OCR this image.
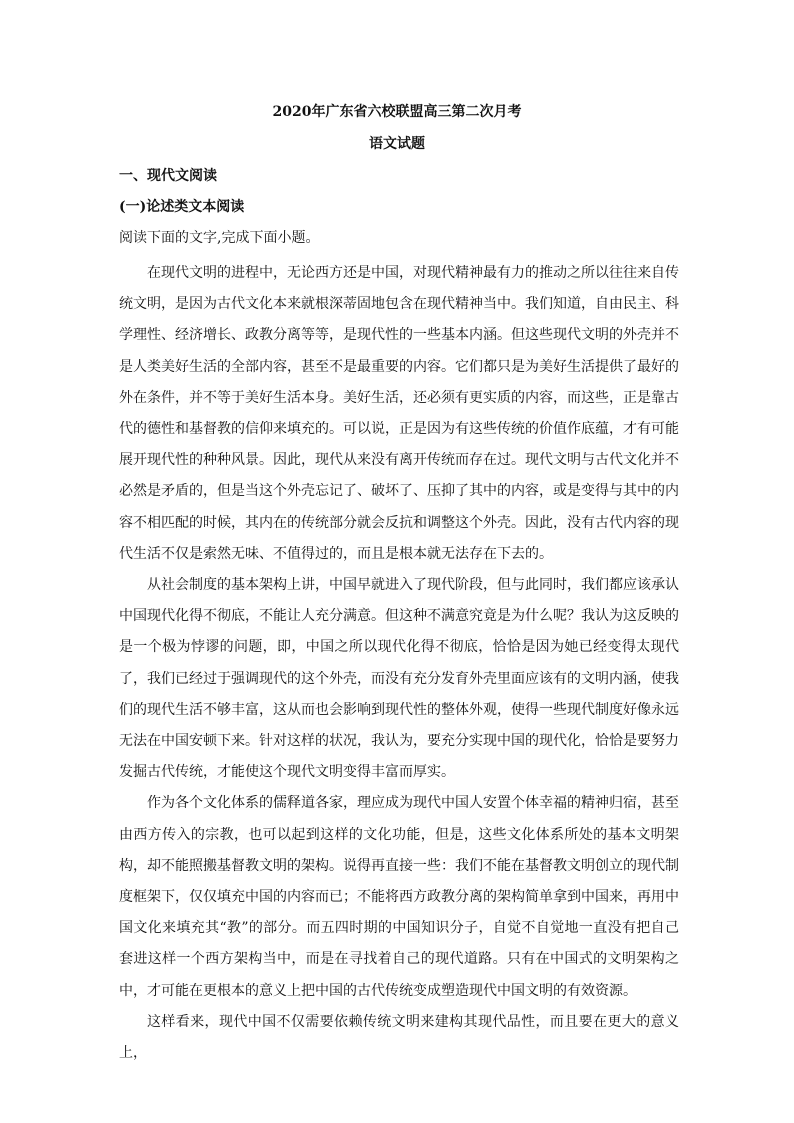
2020年广东省六校联盟高三第二次月考
语文试题
一、现代文阅读
(一)论述类文本阅读
阅读下面的文字,完成下面小题。

在现代文明的进程中，无论西方还是中国，对现代精神最有力的推动之所以往往来自传统文明，是因为古代文化本来就根深蒂固地包含在现代精神当中。我们知道，自由民主、科学理性、经济增长、政教分离等等，是现代性的一些基本内涵。但这些现代文明的外壳并不是人类美好生活的全部内容，甚至不是最重要的内容。它们都只是为美好生活提供了最好的外在条件，并不等于美好生活本身。美好生活，还必须有更实质的内容，而这些，正是靠古代的德性和基督教的信仰来填充的。可以说，正是因为有这些传统的价值作底蕴，才有可能展开现代性的种种风景。因此，现代从来没有离开传统而存在过。现代文明与古代文化并不必然是矛盾的，但是当这个外壳忘记了、破坏了、压抑了其中的内容，或是变得与其中的内容不相匹配的时候，其内在的传统部分就会反抗和调整这个外壳。因此，没有古代内容的现代生活不仅是索然无味、不值得过的，而且是根本就无法存在下去的。

从社会制度的基本架构上讲，中国早就进入了现代阶段，但与此同时，我们都应该承认中国现代化得不彻底，不能让人充分满意。但这种不满意究竟是为什么呢？我认为这反映的是一个极为悖谬的问题，即，中国之所以现代化得不彻底，恰恰是因为她已经变得太现代了，我们已经过于强调现代的这个外壳，而没有充分发育外壳里面应该有的文明内涵，使我们的现代生活不够丰富，这从而也会影响到现代性的整体外观，使得一些现代制度好像永远无法在中国安顿下来。针对这样的状况，我认为，要充分实现中国的现代化，恰恰是要努力发掘古代传统，才能使这个现代文明变得丰富而厚实。

作为各个文化体系的儒释道各家，理应成为现代中国人安置个体幸福的精神归宿，甚至由西方传入的宗教，也可以起到这样的文化功能，但是，这些文化体系所处的基本文明架构，却不能照搬基督教文明的架构。说得再直接一些：我们不能在基督教文明创立的现代制度框架下，仅仅填充中国的内容而已；不能将西方政教分离的架构简单拿到中国来，再用中国文化来填充其“教”的部分。而五四时期的中国知识分子，自觉不自觉地一直没有把自己套进这样一个西方架构当中，而是在寻找着自己的现代道路。只有在中国式的文明架构之中，才可能在更根本的意义上把中国的古代传统变成塑造现代中国文明的有效资源。

这样看来，现代中国不仅需要依赖传统文明来建构其现代品性，而且要在更大的意义上，
